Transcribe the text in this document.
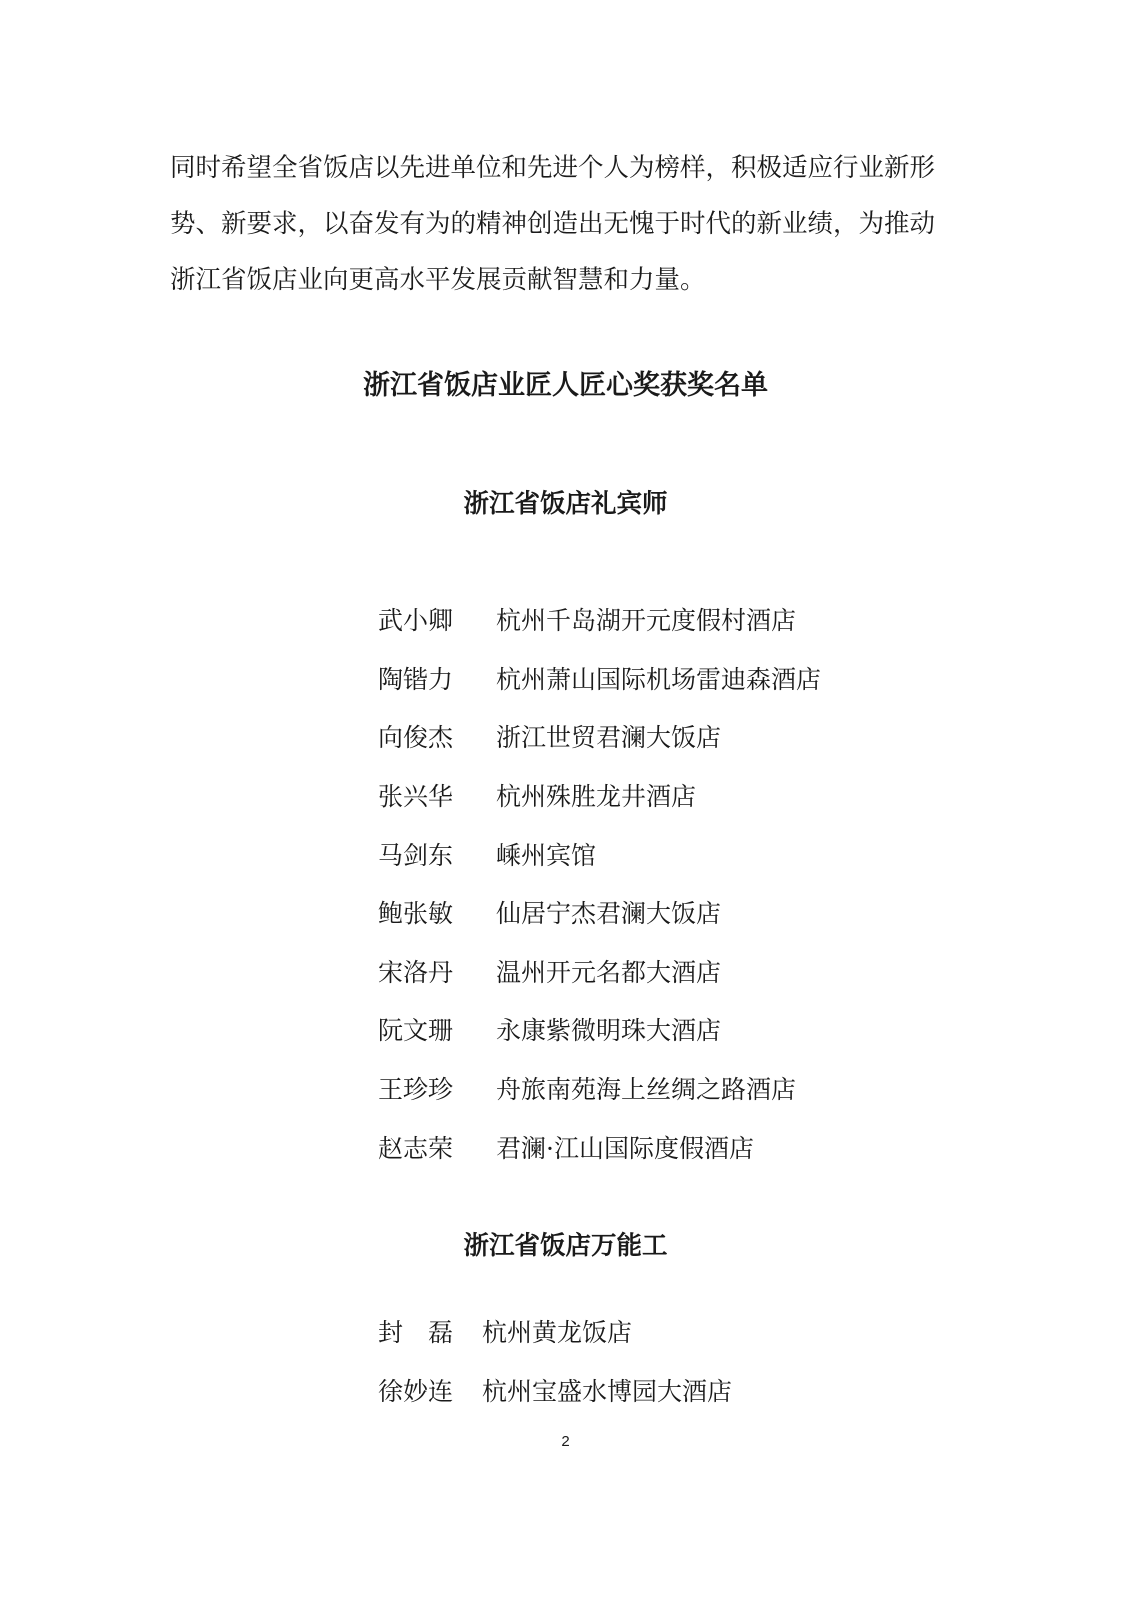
同时希望全省饭店以先进单位和先进个人为榜样，积极适应行业新形
势、新要求，以奋发有为的精神创造出无愧于时代的新业绩，为推动
浙江省饭店业向更高水平发展贡献智慧和力量。

浙江省饭店业匠人匠心奖获奖名单
浙江省饭店礼宾师
武小卿	杭州千岛湖开元度假村酒店
陶锴力	杭州萧山国际机场雷迪森酒店
向俊杰	浙江世贸君澜大饭店
张兴华	杭州殊胜龙井酒店
马剑东	嵊州宾馆
鲍张敏	仙居宁杰君澜大饭店
宋洛丹	温州开元名都大酒店
阮文珊	永康紫微明珠大酒店
王珍珍	舟旅南苑海上丝绸之路酒店
赵志荣	君澜·江山国际度假酒店
浙江省饭店万能工
封　磊	杭州黄龙饭店
徐妙连	杭州宝盛水博园大酒店
2
